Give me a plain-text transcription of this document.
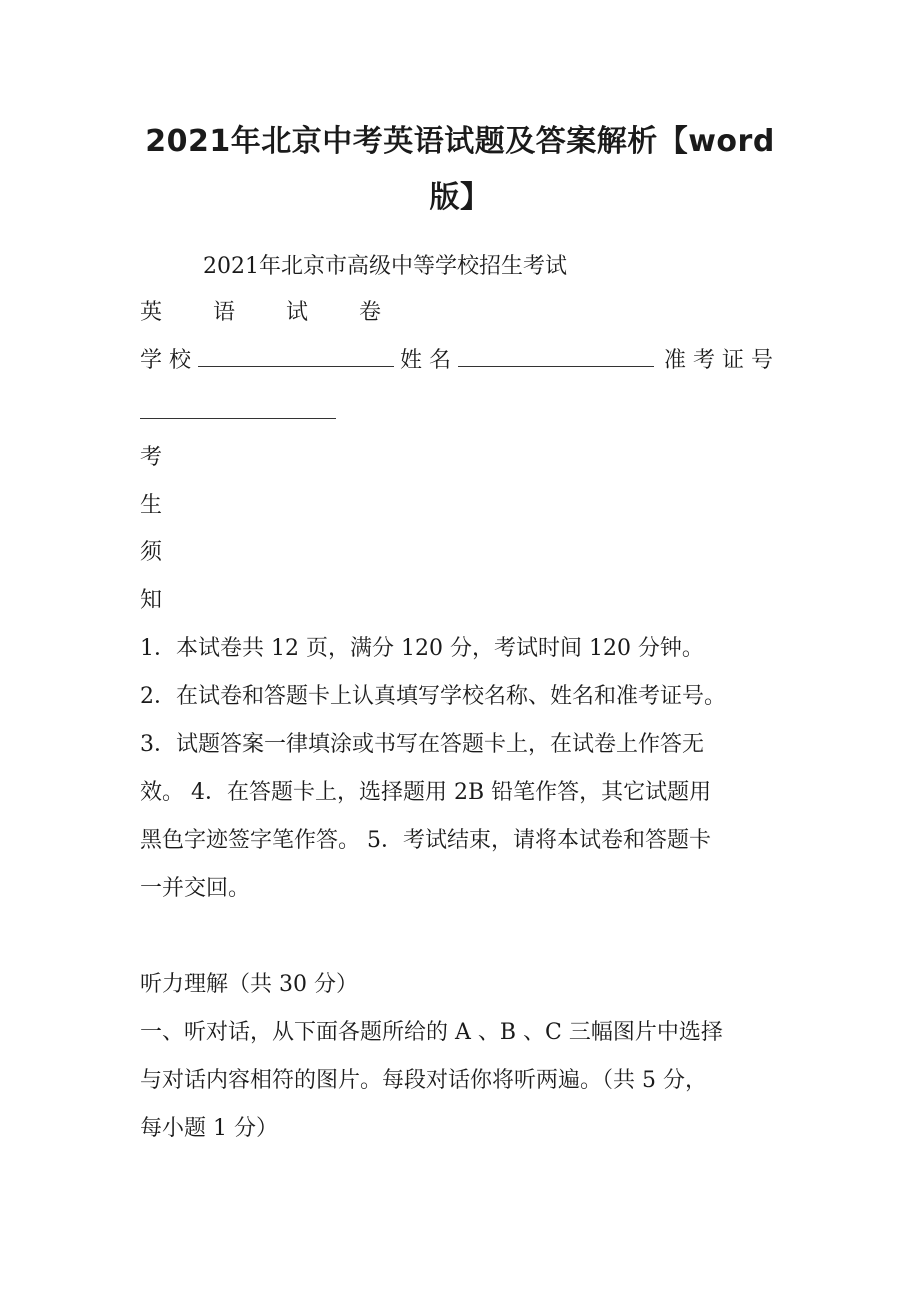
2021年北京中考英语试题及答案解析【word
版】
2021年北京市高级中等学校招生考试
英 语 试 卷
学校	姓名	准考证号
考
生
须
知
1．本试卷共 12 页，满分 120 分，考试时间 120 分钟。
2．在试卷和答题卡上认真填写学校名称、姓名和准考证号。
3．试题答案一律填涂或书写在答题卡上，在试卷上作答无
效。 4．在答题卡上，选择题用 2B 铅笔作答，其它试题用
黑色字迹签字笔作答。 5．考试结束，请将本试卷和答题卡
一并交回。
听力理解（共 30 分）
一、听对话，从下面各题所给的 A 、B 、C 三幅图片中选择
与对话内容相符的图片。每段对话你将听两遍。（共 5 分，
每小题 1 分）
